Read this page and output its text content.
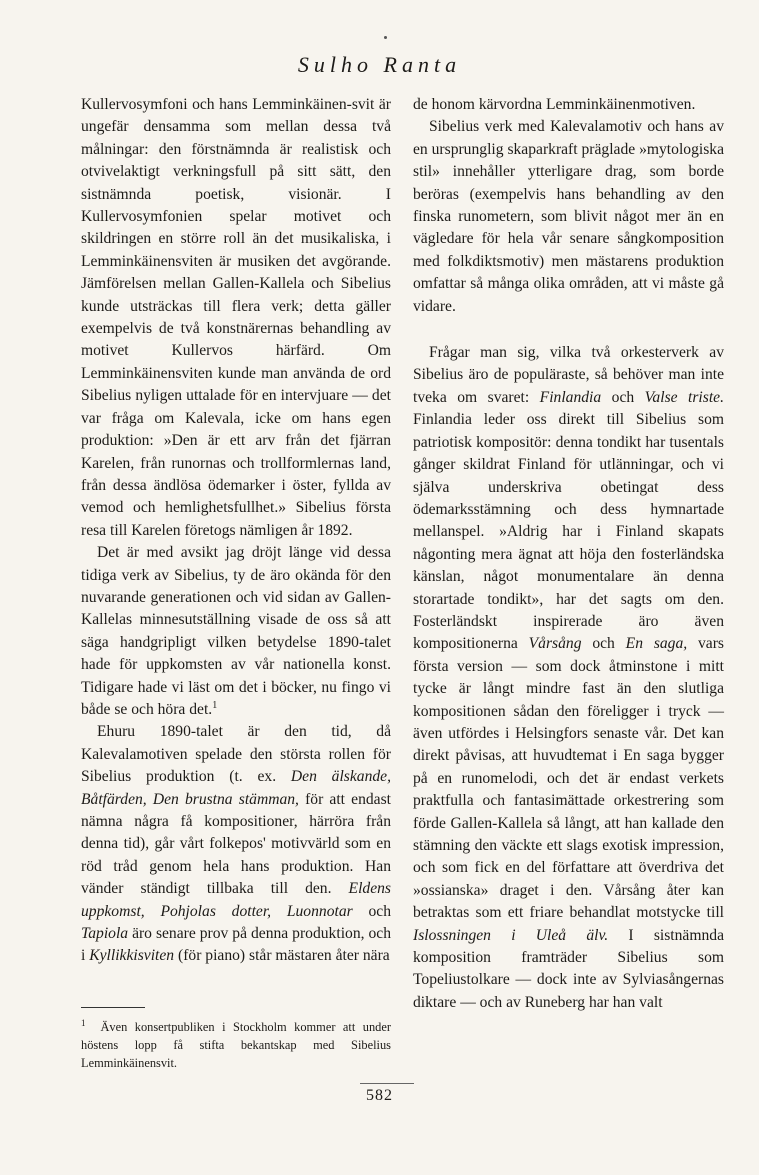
Sulho Ranta

Kullervosymfoni och hans Lemminkäinen-svit är ungefär densamma som mellan dessa två målningar: den förstnämnda är realistisk och otvivelaktigt verkningsfull på sitt sätt, den sistnämnda poetisk, visionär. I Kullervosymfonien spelar motivet och skildringen en större roll än det musikaliska, i Lemminkäinensviten är musiken det avgörande. Jämförelsen mellan Gallen-Kallela och Sibelius kunde utsträckas till flera verk; detta gäller exempelvis de två konstnärernas behandling av motivet Kullervos härfärd. Om Lemminkäinensviten kunde man använda de ord Sibelius nyligen uttalade för en intervjuare — det var fråga om Kalevala, icke om hans egen produktion: »Den är ett arv från det fjärran Karelen, från runornas och trollformlernas land, från dessa ändlösa ödemarker i öster, fyllda av vemod och hemlighetsfullhet.» Sibelius första resa till Karelen företogs nämligen år 1892.

Det är med avsikt jag dröjt länge vid dessa tidiga verk av Sibelius, ty de äro okända för den nuvarande generationen och vid sidan av Gallen-Kallelas minnesutställning visade de oss så att säga handgripligt vilken betydelse 1890-talet hade för uppkomsten av vår nationella konst. Tidigare hade vi läst om det i böcker, nu fingo vi både se och höra det.$^1$

Ehuru 1890-talet är den tid, då Kalevalamotiven spelade den största rollen för Sibelius produktion (t. ex. Den älskande, Båtfärden, Den brustna stämman, för att endast nämna några få kompositioner, härröra från denna tid), går vårt folkepos' motivvärld som en röd tråd genom hela hans produktion. Han vänder ständigt tillbaka till den. Eldens uppkomst, Pohjolas dotter, Luonnotar och Tapiola äro senare prov på denna produktion, och i Kyllikkisviten (för piano) står mästaren åter nära

$^1$ Även konsertpubliken i Stockholm kommer att under höstens lopp få stifta bekantskap med Sibelius Lemminkäinensvit.

de honom kärvordna Lemminkäinenmotiven.

Sibelius verk med Kalevalamotiv och hans av en ursprunglig skaparkraft präglade »mytologiska stil» innehåller ytterligare drag, som borde beröras (exempelvis hans behandling av den finska runometern, som blivit något mer än en vägledare för hela vår senare sångkomposition med folkdiktsmotiv) men mästarens produktion omfattar så många olika områden, att vi måste gå vidare.

Frågar man sig, vilka två orkesterverk av Sibelius äro de populäraste, så behöver man inte tveka om svaret: Finlandia och Valse triste. Finlandia leder oss direkt till Sibelius som patriotisk kompositör: denna tondikt har tusentals gånger skildrat Finland för utlänningar, och vi själva underskriva obetingat dess ödemarksstämning och dess hymnartade mellanspel. »Aldrig har i Finland skapats någonting mera ägnat att höja den fosterländska känslan, något monumentalare än denna storartade tondikt», har det sagts om den. Fosterländskt inspirerade äro även kompositionerna Vårsång och En saga, vars första version — som dock åtminstone i mitt tycke är långt mindre fast än den slutliga kompositionen sådan den föreligger i tryck — även utfördes i Helsingfors senaste vår. Det kan direkt påvisas, att huvudtemat i En saga bygger på en runomelodi, och det är endast verkets praktfulla och fantasimättade orkestrering som förde Gallen-Kallela så långt, att han kallade den stämning den väckte ett slags exotisk impression, och som fick en del författare att överdriva det »ossianska» draget i den. Vårsång åter kan betraktas som ett friare behandlat motstycke till Islossningen i Uleå älv. I sistnämnda komposition framträder Sibelius som Topeliustolkare — dock inte av Sylviasångernas diktare — och av Runeberg har han valt

582
